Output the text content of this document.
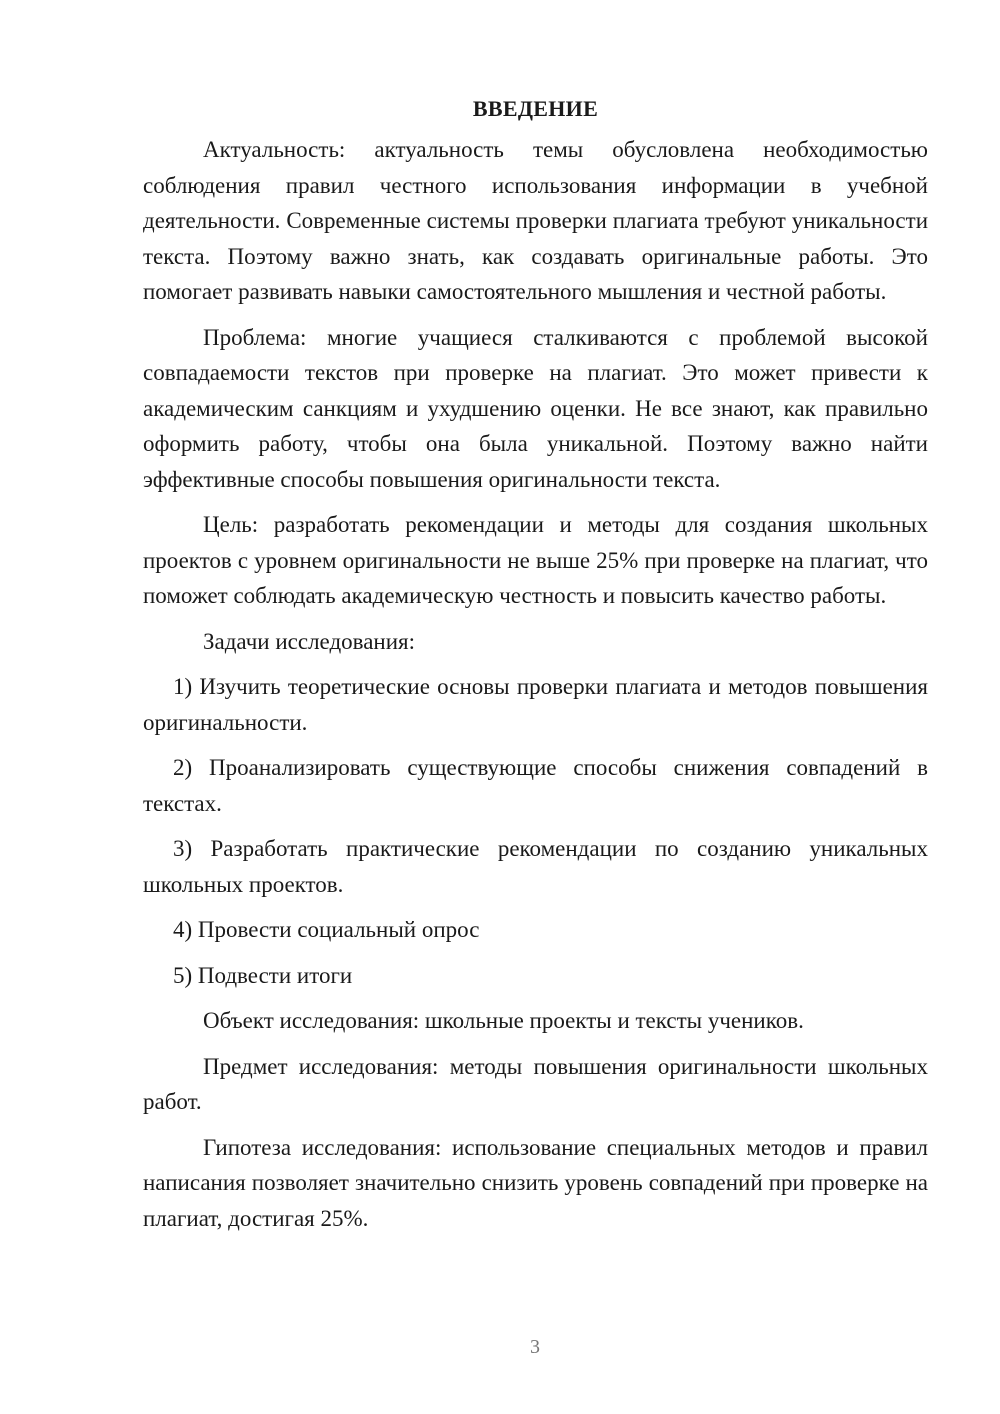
ВВЕДЕНИЕ

Актуальность: актуальность темы обусловлена необходимостью соблюдения правил честного использования информации в учебной деятельности. Современные системы проверки плагиата требуют уникальности текста. Поэтому важно знать, как создавать оригинальные работы. Это помогает развивать навыки самостоятельного мышления и честной работы.

Проблема: многие учащиеся сталкиваются с проблемой высокой совпадаемости текстов при проверке на плагиат. Это может привести к академическим санкциям и ухудшению оценки. Не все знают, как правильно оформить работу, чтобы она была уникальной. Поэтому важно найти эффективные способы повышения оригинальности текста.

Цель: разработать рекомендации и методы для создания школьных проектов с уровнем оригинальности не выше 25% при проверке на плагиат, что поможет соблюдать академическую честность и повысить качество работы.

Задачи исследования:

1) Изучить теоретические основы проверки плагиата и методов повышения оригинальности.

2) Проанализировать существующие способы снижения совпадений в текстах.

3) Разработать практические рекомендации по созданию уникальных школьных проектов.

4) Провести социальный опрос

5) Подвести итоги

Объект исследования: школьные проекты и тексты учеников.

Предмет исследования: методы повышения оригинальности школьных работ.

Гипотеза исследования: использование специальных методов и правил написания позволяет значительно снизить уровень совпадений при проверке на плагиат, достигая 25%.

3
